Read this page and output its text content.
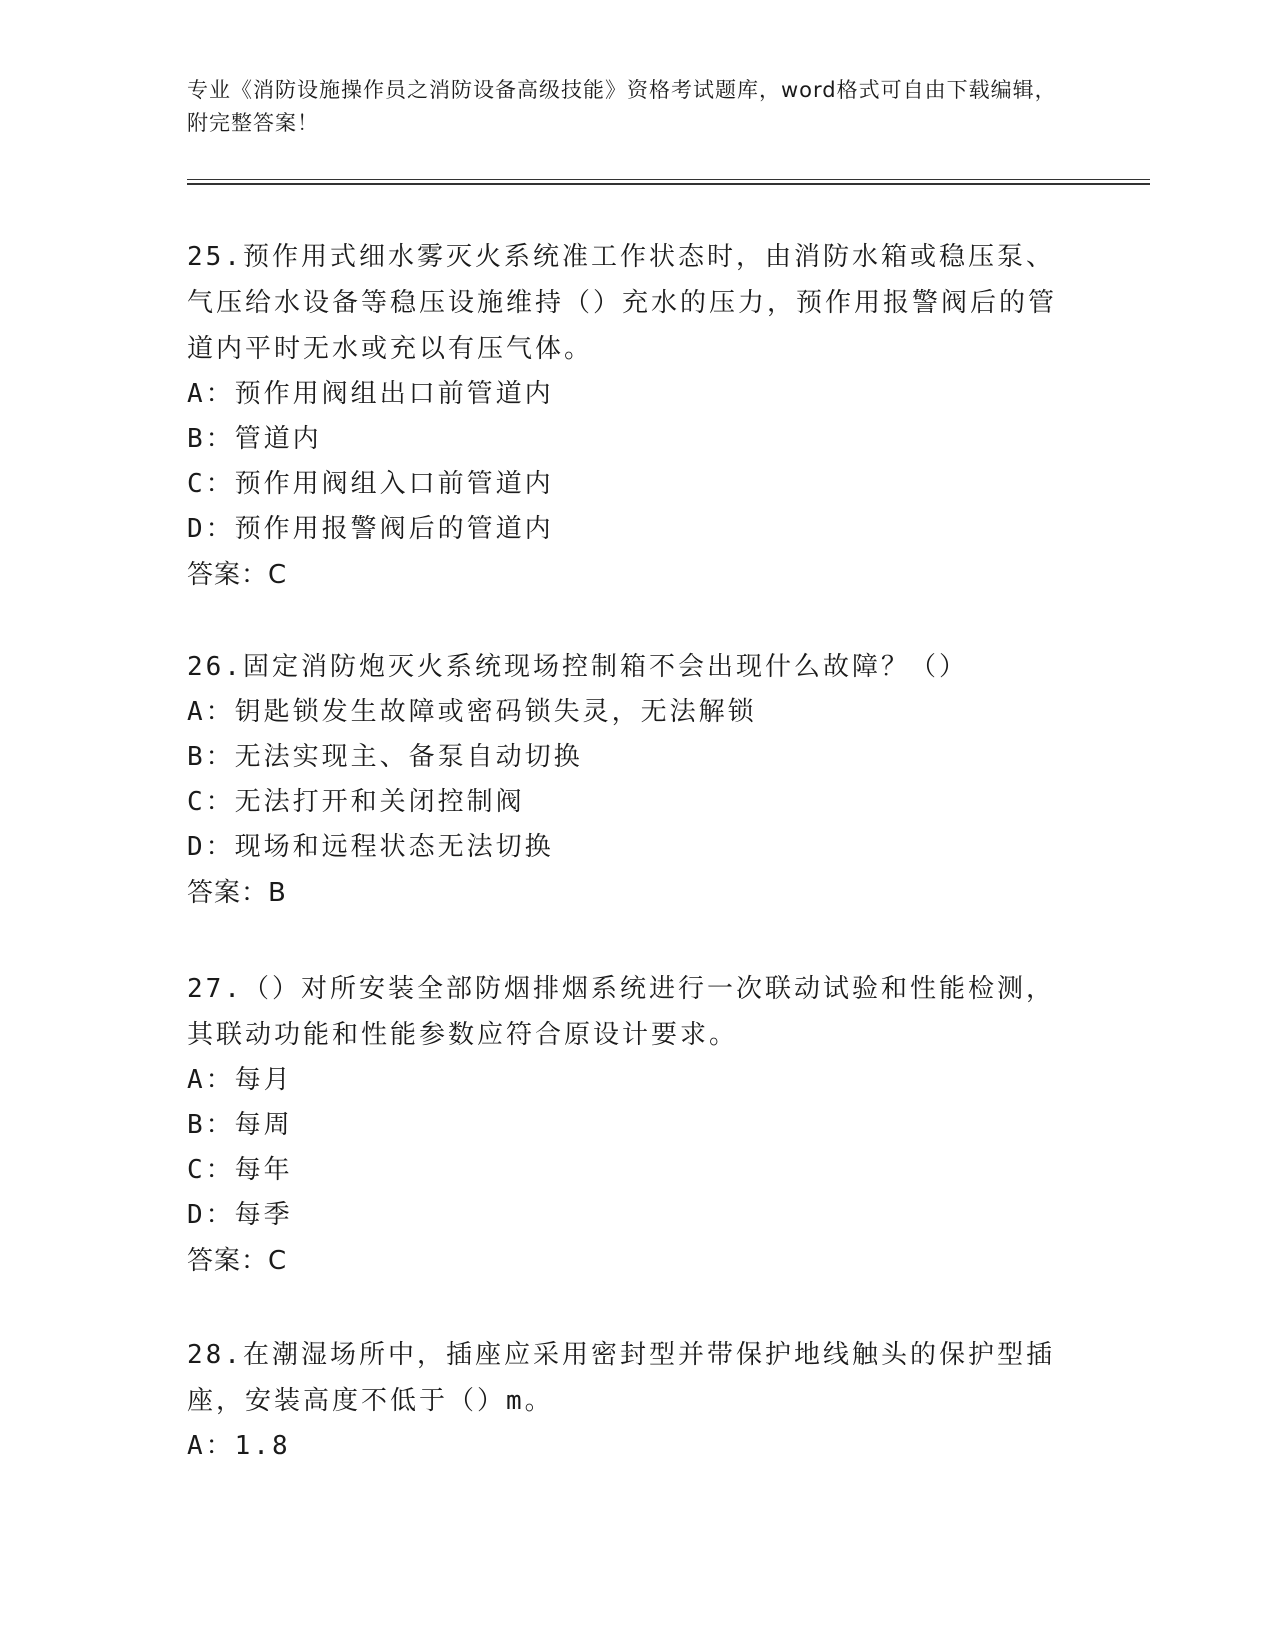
专业《消防设施操作员之消防设备高级技能》资格考试题库，word格式可自由下载编辑，附完整答案！
25.预作用式细水雾灭火系统准工作状态时，由消防水箱或稳压泵、气压给水设备等稳压设施维持（）充水的压力，预作用报警阀后的管道内平时无水或充以有压气体。
A：预作用阀组出口前管道内
B：管道内
C：预作用阀组入口前管道内
D：预作用报警阀后的管道内
答案：C
26.固定消防炮灭火系统现场控制箱不会出现什么故障？（）
A：钥匙锁发生故障或密码锁失灵，无法解锁
B：无法实现主、备泵自动切换
C：无法打开和关闭控制阀
D：现场和远程状态无法切换
答案：B
27.（）对所安装全部防烟排烟系统进行一次联动试验和性能检测，其联动功能和性能参数应符合原设计要求。
A：每月
B：每周
C：每年
D：每季
答案：C
28.在潮湿场所中，插座应采用密封型并带保护地线触头的保护型插座，安装高度不低于（）m。
A：1.8
